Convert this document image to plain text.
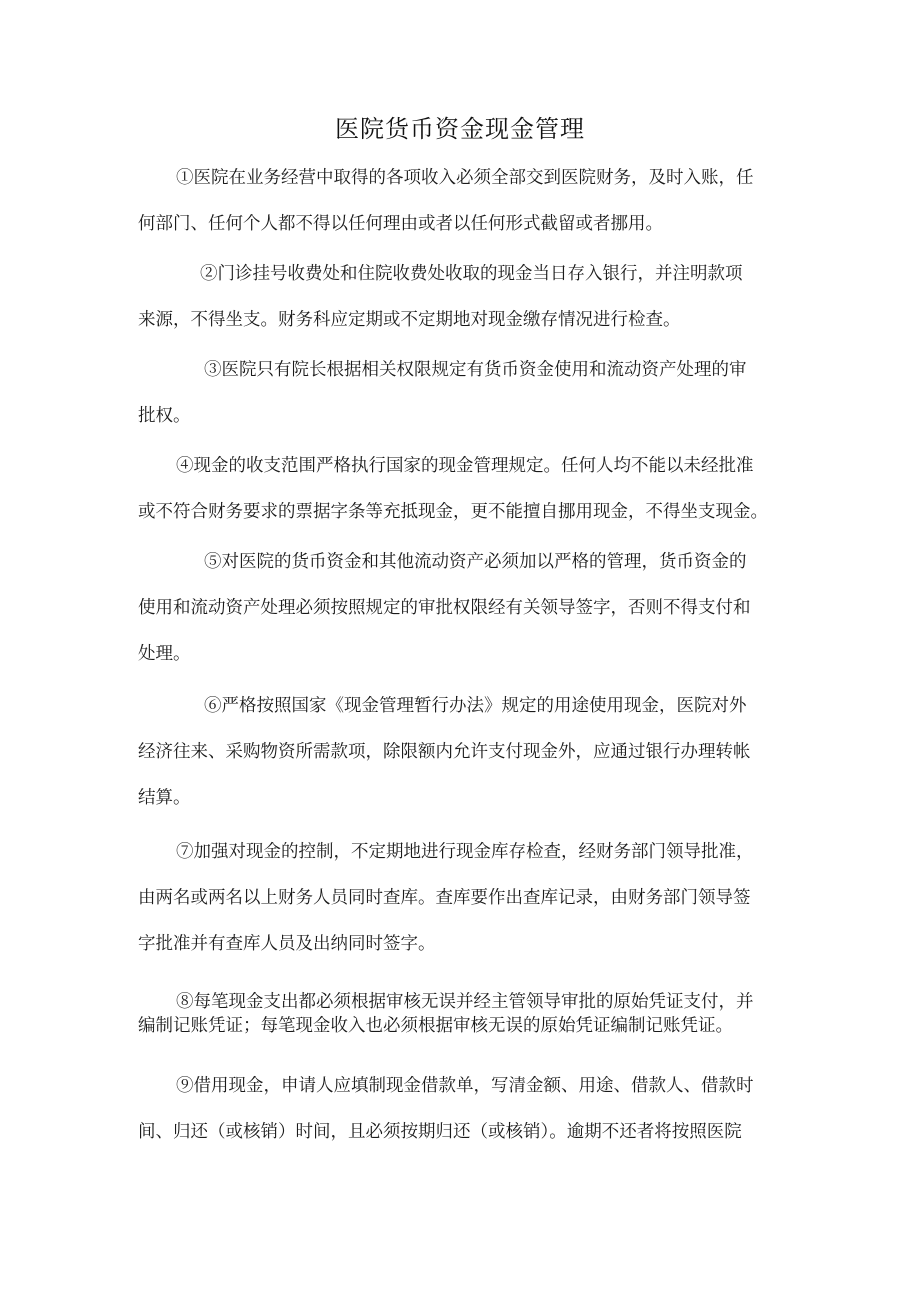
医院货币资金现金管理

①医院在业务经营中取得的各项收入必须全部交到医院财务，及时入账，任
何部门、任何个人都不得以任何理由或者以任何形式截留或者挪用。

②门诊挂号收费处和住院收费处收取的现金当日存入银行，并注明款项
来源，不得坐支。财务科应定期或不定期地对现金缴存情况进行检查。

③医院只有院长根据相关权限规定有货币资金使用和流动资产处理的审
批权。

④现金的收支范围严格执行国家的现金管理规定。任何人均不能以未经批准
或不符合财务要求的票据字条等充抵现金，更不能擅自挪用现金，不得坐支现金。

⑤对医院的货币资金和其他流动资产必须加以严格的管理，货币资金的
使用和流动资产处理必须按照规定的审批权限经有关领导签字，否则不得支付和
处理。

⑥严格按照国家《现金管理暂行办法》规定的用途使用现金，医院对外
经济往来、采购物资所需款项，除限额内允许支付现金外，应通过银行办理转帐
结算。

⑦加强对现金的控制，不定期地进行现金库存检查，经财务部门领导批准，
由两名或两名以上财务人员同时查库。查库要作出查库记录，由财务部门领导签
字批准并有查库人员及出纳同时签字。

⑧每笔现金支出都必须根据审核无误并经主管领导审批的原始凭证支付，并
编制记账凭证；每笔现金收入也必须根据审核无误的原始凭证编制记账凭证。

⑨借用现金，申请人应填制现金借款单，写清金额、用途、借款人、借款时
间、归还（或核销）时间，且必须按期归还（或核销）。逾期不还者将按照医院
